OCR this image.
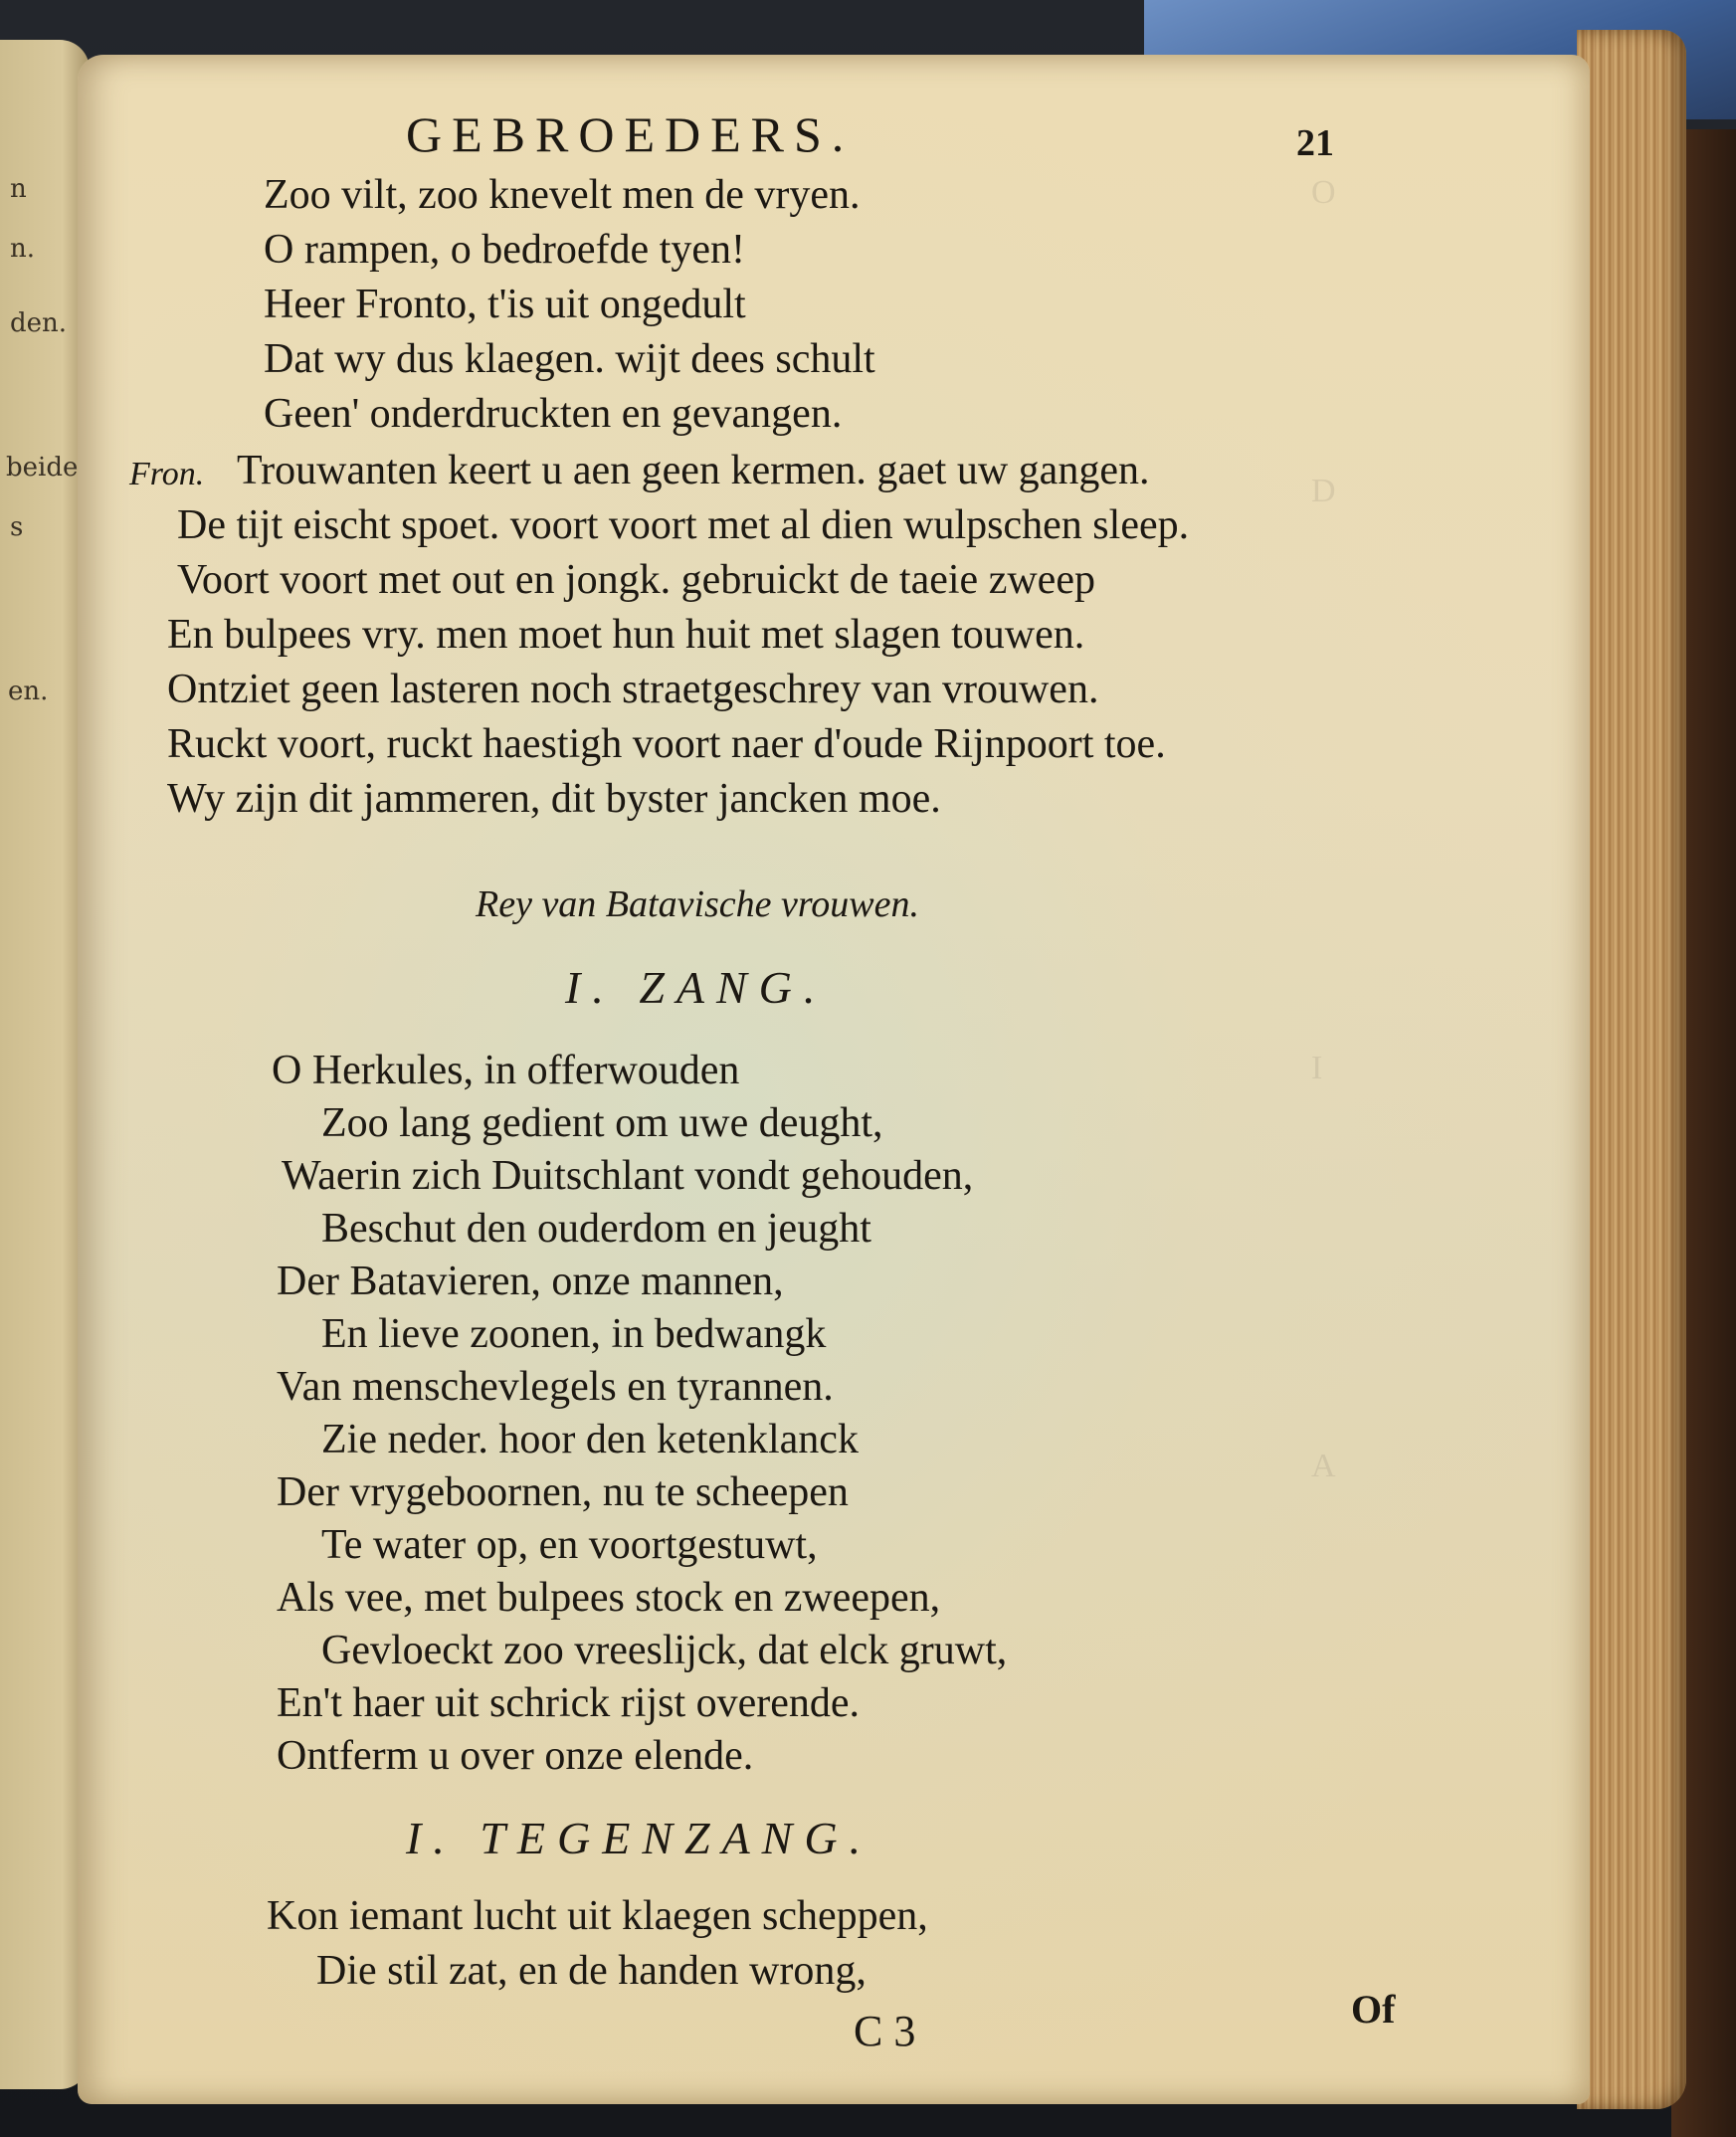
n
n.
den.
beide
s
en.
O
D
I
A
GEBROEDERS.	21

Zoo vilt, zoo knevelt men de vryen.

O rampen, o bedroefde tyen!

Heer Fronto, t'is uit ongedult

Dat wy dus klaegen. wijt dees schult

Geen' onderdruckten en gevangen.

Fron. Trouwanten keert u aen geen kermen. gaet uw gangen.

De tijt eischt spoet. voort voort met al dien wulpschen sleep.

Voort voort met out en jongk. gebruickt de taeie zweep

En bulpees vry. men moet hun huit met slagen touwen.

Ontziet geen lasteren noch straetgeschrey van vrouwen.

Ruckt voort, ruckt haestigh voort naer d'oude Rijnpoort toe.

Wy zijn dit jammeren, dit byster jancken moe.

Rey van Batavische vrouwen.
I. ZANG.

O Herkules, in offerwouden

Zoo lang gedient om uwe deught,

Waerin zich Duitschlant vondt gehouden,

Beschut den ouderdom en jeught

Der Batavieren, onze mannen,

En lieve zoonen, in bedwangk

Van menschevlegels en tyrannen.

Zie neder. hoor den ketenklanck

Der vrygeboornen, nu te scheepen

Te water op, en voortgestuwt,

Als vee, met bulpees stock en zweepen,

Gevloeckt zoo vreeslijck, dat elck gruwt,

En't haer uit schrick rijst overende.

Ontferm u over onze elende.

I. TEGENZANG.

Kon iemant lucht uit klaegen scheppen,

Die stil zat, en de handen wrong,

C 3	Of
